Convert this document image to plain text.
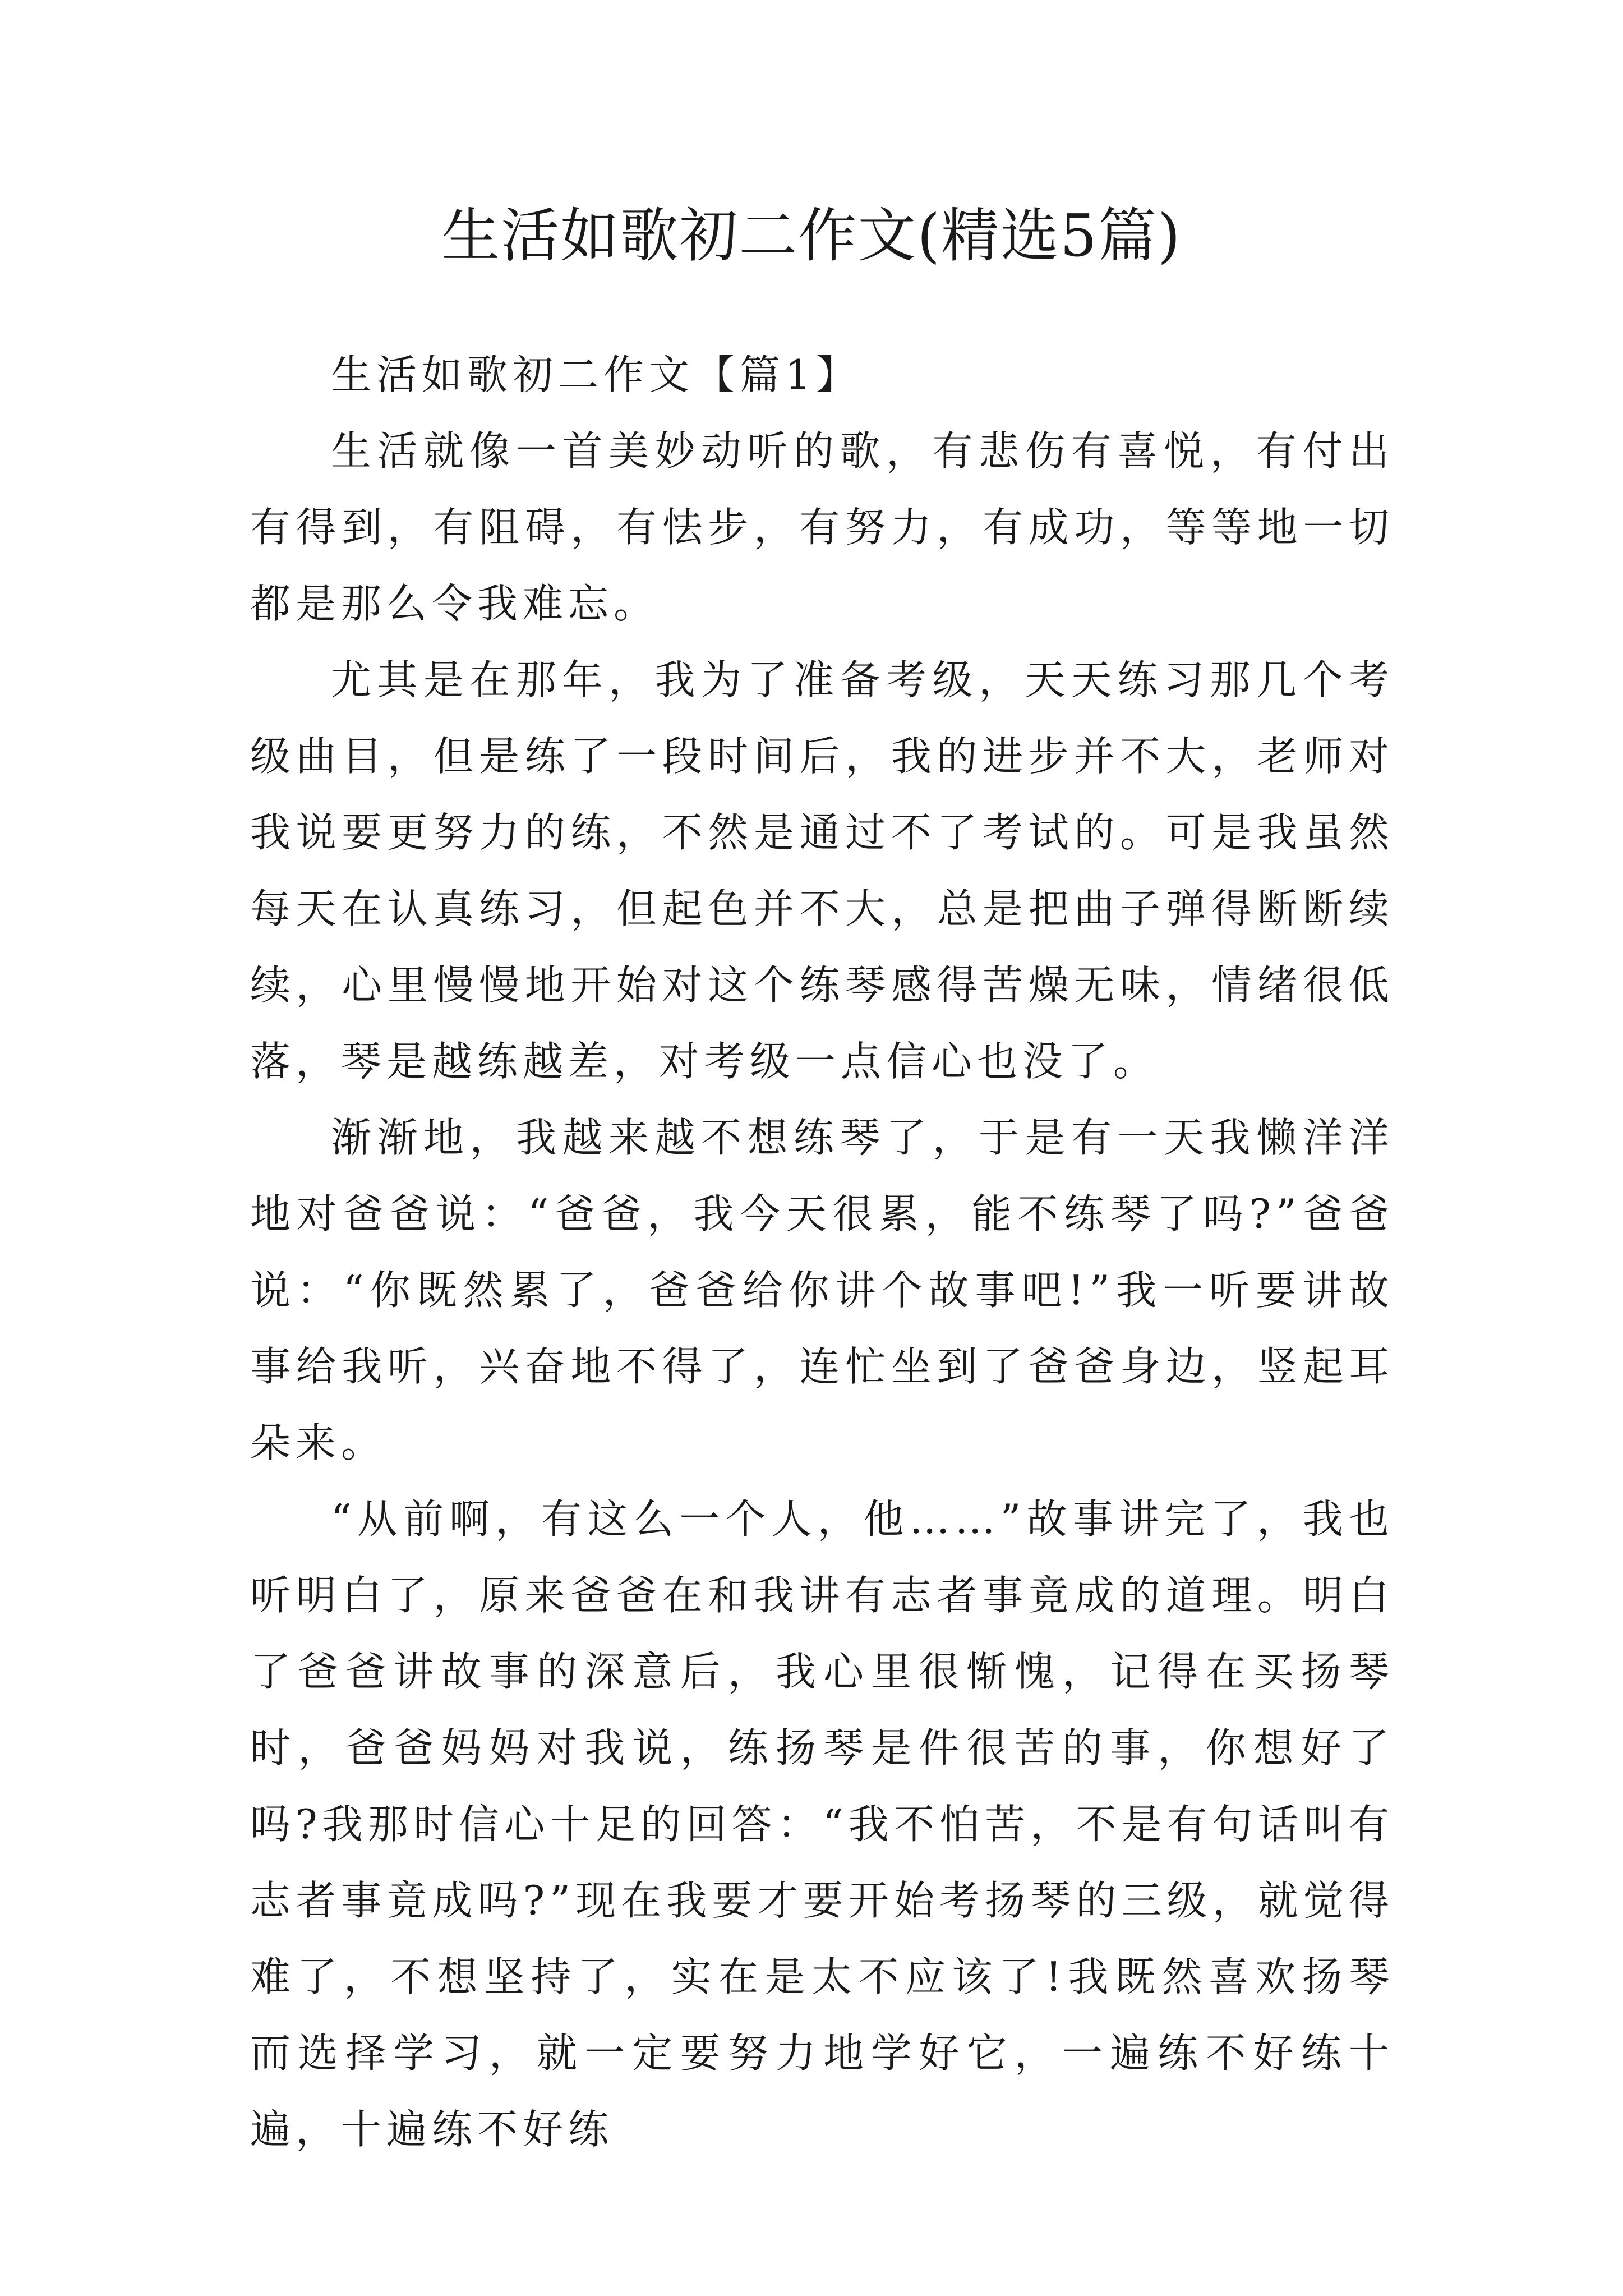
生活如歌初二作文(精选5篇)

生活如歌初二作文【篇1】

生活就像一首美妙动听的歌，有悲伤有喜悦，有付出有得到，有阻碍，有怯步，有努力，有成功，等等地一切都是那么令我难忘。

尤其是在那年，我为了准备考级，天天练习那几个考级曲目，但是练了一段时间后，我的进步并不大，老师对我说要更努力的练，不然是通过不了考试的。可是我虽然每天在认真练习，但起色并不大，总是把曲子弹得断断续续，心里慢慢地开始对这个练琴感得苦燥无味，情绪很低落，琴是越练越差，对考级一点信心也没了。

渐渐地，我越来越不想练琴了，于是有一天我懒洋洋地对爸爸说：“爸爸，我今天很累，能不练琴了吗?”爸爸说：“你既然累了，爸爸给你讲个故事吧!”我一听要讲故事给我听，兴奋地不得了，连忙坐到了爸爸身边，竖起耳朵来。

“从前啊，有这么一个人，他……”故事讲完了，我也听明白了，原来爸爸在和我讲有志者事竟成的道理。明白了爸爸讲故事的深意后，我心里很惭愧，记得在买扬琴时，爸爸妈妈对我说，练扬琴是件很苦的事，你想好了吗?我那时信心十足的回答：“我不怕苦，不是有句话叫有志者事竟成吗?”现在我要才要开始考扬琴的三级，就觉得难了，不想坚持了，实在是太不应该了!我既然喜欢扬琴而选择学习，就一定要努力地学好它，一遍练不好练十遍，十遍练不好练
